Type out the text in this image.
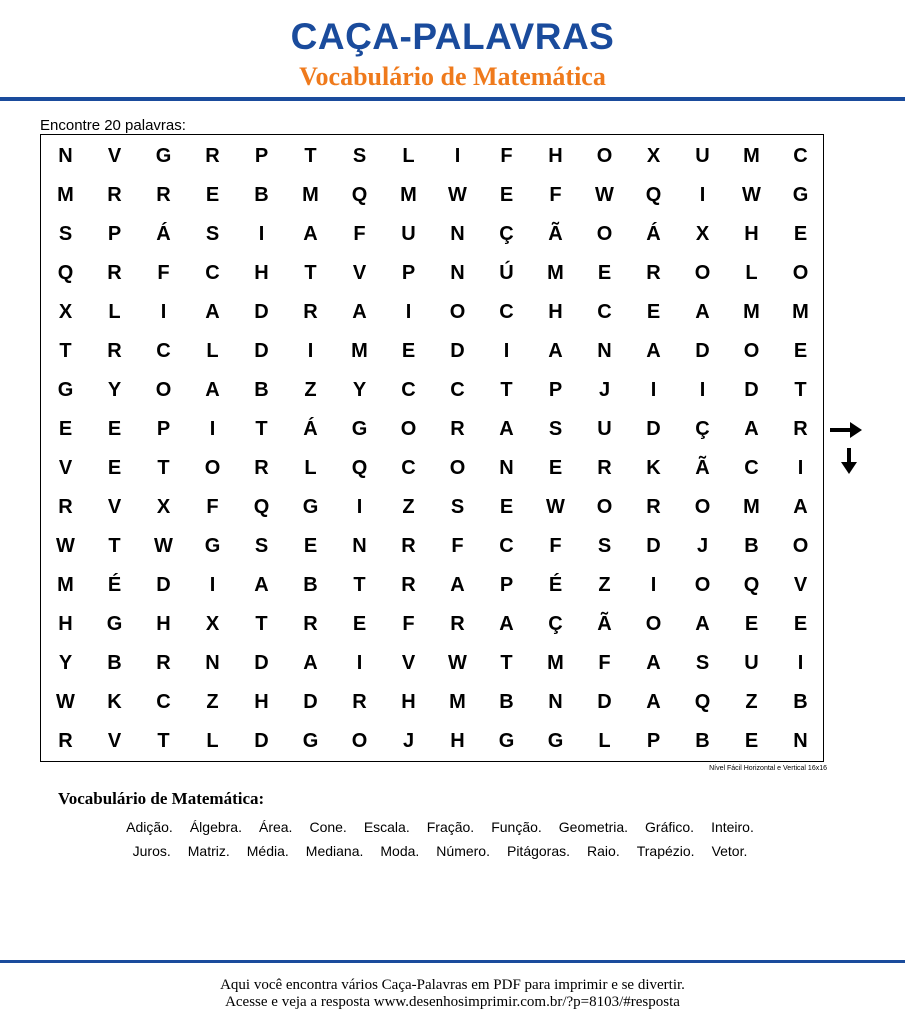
CAÇA-PALAVRAS
Vocabulário de Matemática
Encontre 20 palavras:
N	V	G	R	P	T	S	L	I	F	H	O	X	U	M	C
M	R	R	E	B	M	Q	M	W	E	F	W	Q	I	W	G
S	P	Á	S	I	A	F	U	N	Ç	Ã	O	Á	X	H	E
Q	R	F	C	H	T	V	P	N	Ú	M	E	R	O	L	O
X	L	I	A	D	R	A	I	O	C	H	C	E	A	M	M
T	R	C	L	D	I	M	E	D	I	A	N	A	D	O	E
G	Y	O	A	B	Z	Y	C	C	T	P	J	I	I	D	T
E	E	P	I	T	Á	G	O	R	A	S	U	D	Ç	A	R
V	E	T	O	R	L	Q	C	O	N	E	R	K	Ã	C	I
R	V	X	F	Q	G	I	Z	S	E	W	O	R	O	M	A
W	T	W	G	S	E	N	R	F	C	F	S	D	J	B	O
M	É	D	I	A	B	T	R	A	P	É	Z	I	O	Q	V
H	G	H	X	T	R	E	F	R	A	Ç	Ã	O	A	E	E
Y	B	R	N	D	A	I	V	W	T	M	F	A	S	U	I
W	K	C	Z	H	D	R	H	M	B	N	D	A	Q	Z	B
R	V	T	L	D	G	O	J	H	G	G	L	P	B	E	N
Nível Fácil Horizontal e Vertical 16x16
Vocabulário de Matemática:
Adição. Álgebra. Área. Cone. Escala. Fração. Função. Geometria. Gráfico. Inteiro.
Juros. Matriz. Média. Mediana. Moda. Número. Pitágoras. Raio. Trapézio. Vetor.
Aqui você encontra vários Caça-Palavras em PDF para imprimir e se divertir.
Acesse e veja a resposta www.desenhosimprimir.com.br/?p=8103/#resposta
